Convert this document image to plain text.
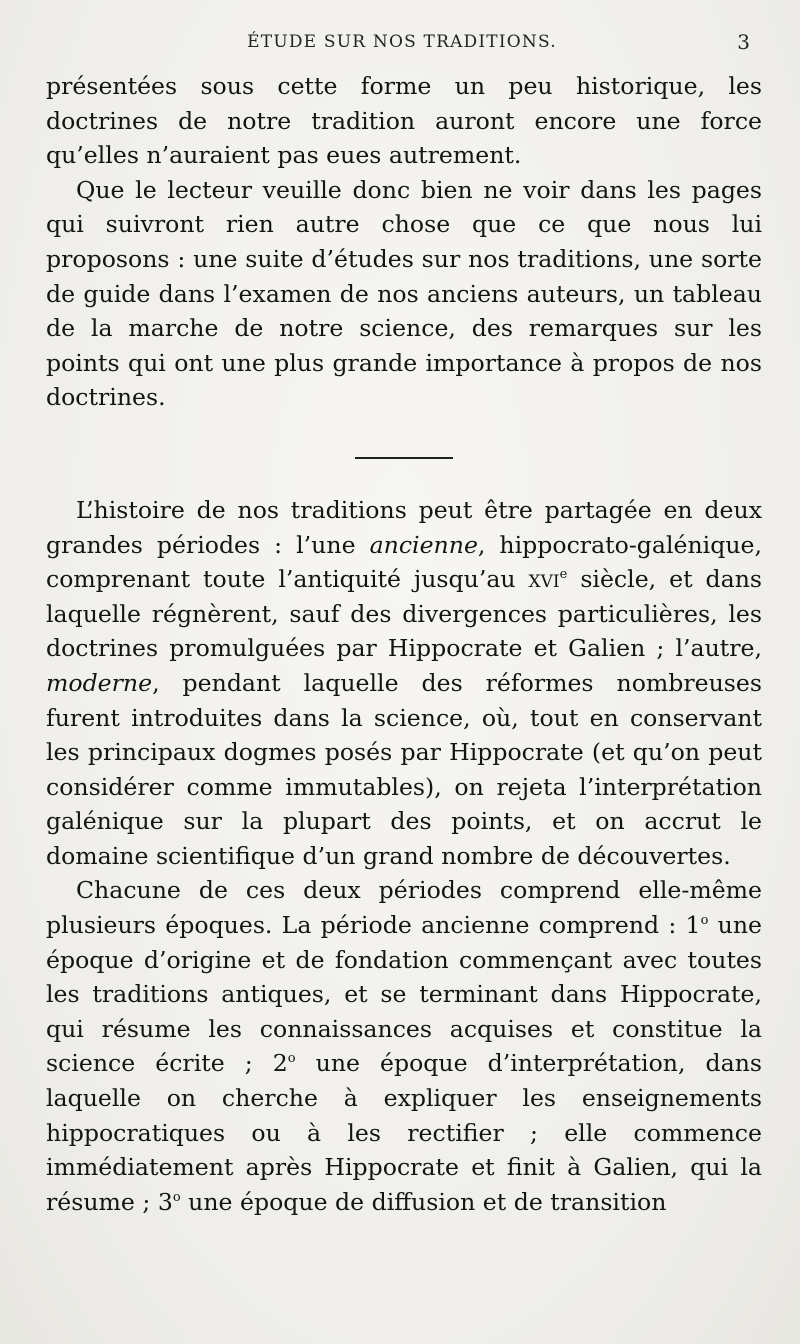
ÉTUDE SUR NOS TRADITIONS.	3

présentées sous cette forme un peu historique, les doctrines de notre tradition auront encore une force qu’elles n’auraient pas eues autrement.

Que le lecteur veuille donc bien ne voir dans les pages qui suivront rien autre chose que ce que nous lui proposons : une suite d’études sur nos traditions, une sorte de guide dans l’examen de nos anciens auteurs, un tableau de la marche de notre science, des remarques sur les points qui ont une plus grande importance à propos de nos doctrines.

L’histoire de nos traditions peut être partagée en deux grandes périodes : l’une ancienne, hippocrato-galénique, comprenant toute l’antiquité jusqu’au xvi$^e$ siècle, et dans laquelle régnèrent, sauf des divergences particulières, les doctrines promulguées par Hippocrate et Galien ; l’autre, moderne, pendant laquelle des réformes nombreuses furent introduites dans la science, où, tout en conservant les principaux dogmes posés par Hippocrate (et qu’on peut considérer comme immutables), on rejeta l’interprétation galénique sur la plupart des points, et on accrut le domaine scientifique d’un grand nombre de découvertes.

Chacune de ces deux périodes comprend elle-même plusieurs époques. La période ancienne comprend : 1$^o$ une époque d’origine et de fondation commençant avec toutes les traditions antiques, et se terminant dans Hippocrate, qui résume les connaissances acquises et constitue la science écrite ; 2$^o$ une époque d’interprétation, dans laquelle on cherche à expliquer les enseignements hippocratiques ou à les rectifier ; elle commence immédiatement après Hippocrate et finit à Galien, qui la résume ; 3$^o$ une époque de diffusion et de transition
